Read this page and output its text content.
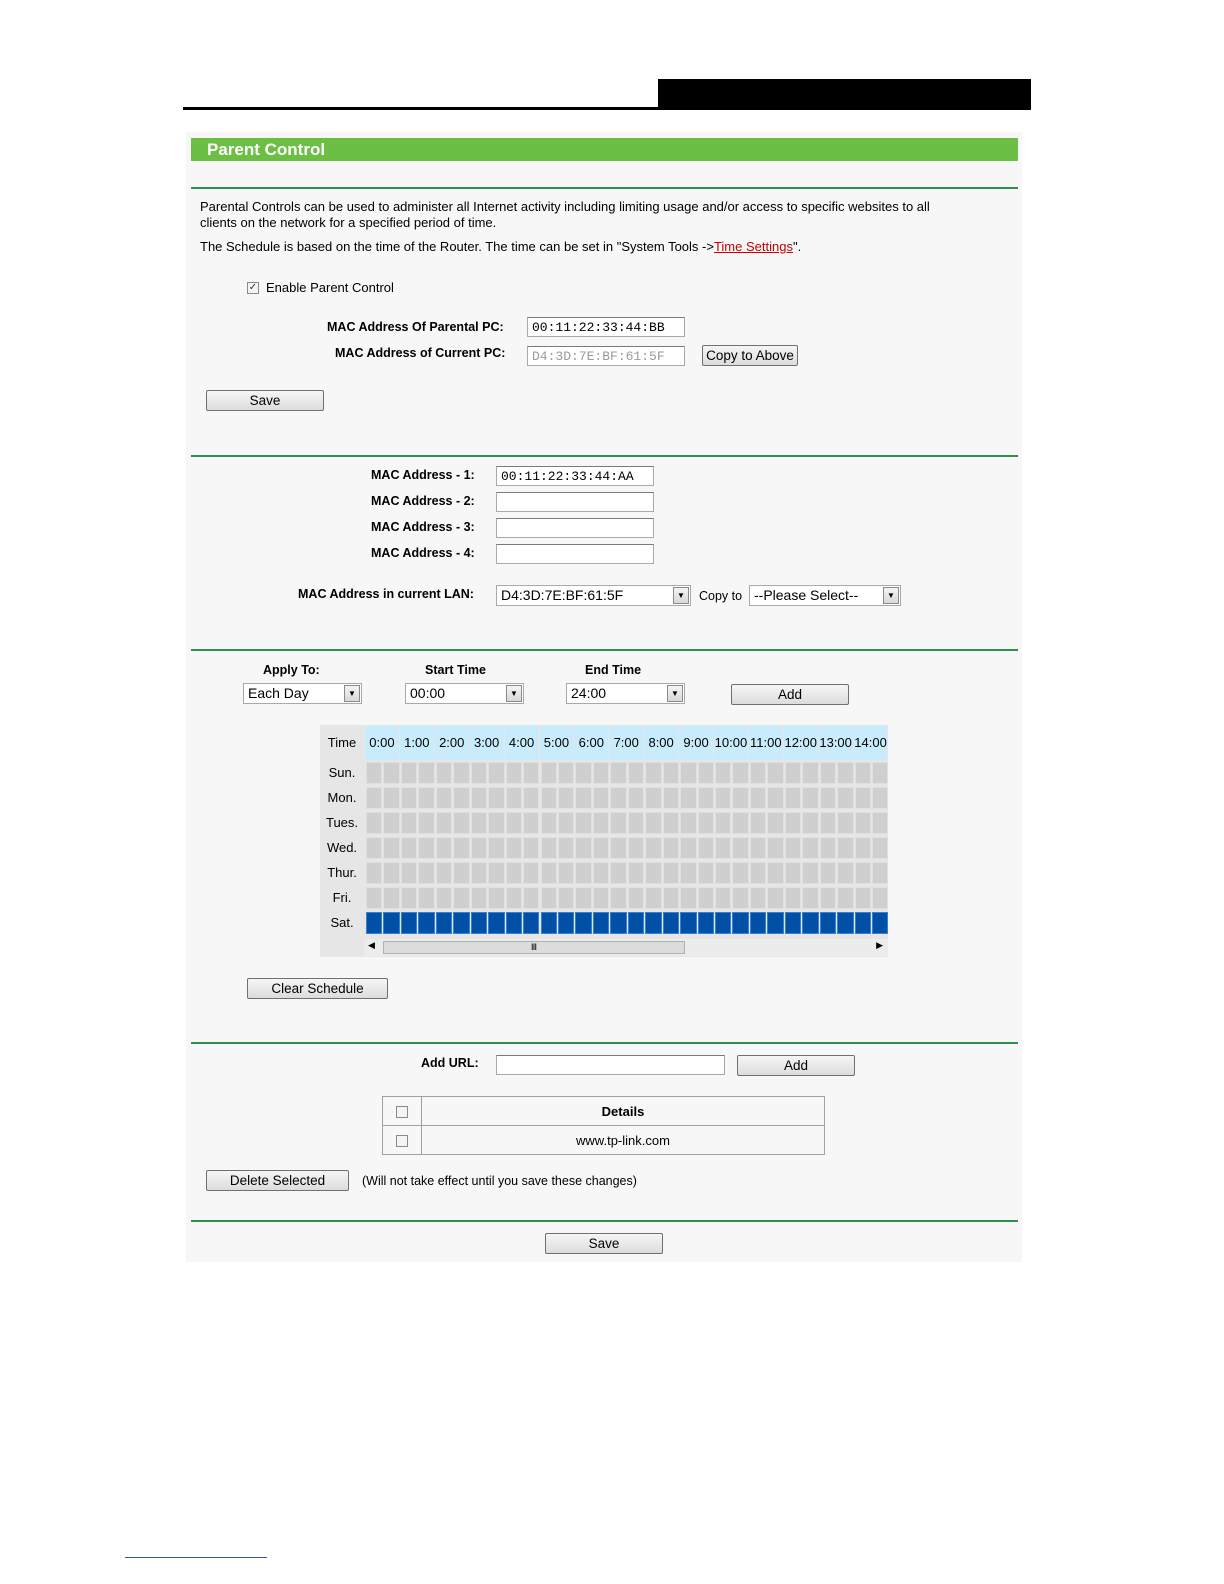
Parent Control
Parental Controls can be used to administer all Internet activity including limiting usage and/or access to specific websites to all
clients on the network for a specified period of time.
The Schedule is based on the time of the Router. The time can be set in "System Tools ->Time Settings".
✓ Enable Parent Control
MAC Address Of Parental PC:	00:11:22:33:44:BB
MAC Address of Current PC:	D4:3D:7E:BF:61:5F	Copy to Above
Save
MAC Address - 1:	00:11:22:33:44:AA
MAC Address - 2:
MAC Address - 3:
MAC Address - 4:
MAC Address in current LAN:	D4:3D:7E:BF:61:5F	▼	Copy to --Please Select--	▼
Apply To:	Start Time	End Time
Each Day	▼	00:00	▼	24:00	▼	Add
Time	0:00 1:00 2:00 3:00 4:00 5:00 6:00 7:00 8:00 9:00 10:00 11:00 12:00 13:00 14:00
Sun.
Mon.
Tues.
Wed.
Thur.
Fri.
Sat.
◀	Ⅲ	▶
Clear Schedule
Add URL:	Add
	Details
	www.tp-link.com
Delete Selected	(Will not take effect until you save these changes)
Save
